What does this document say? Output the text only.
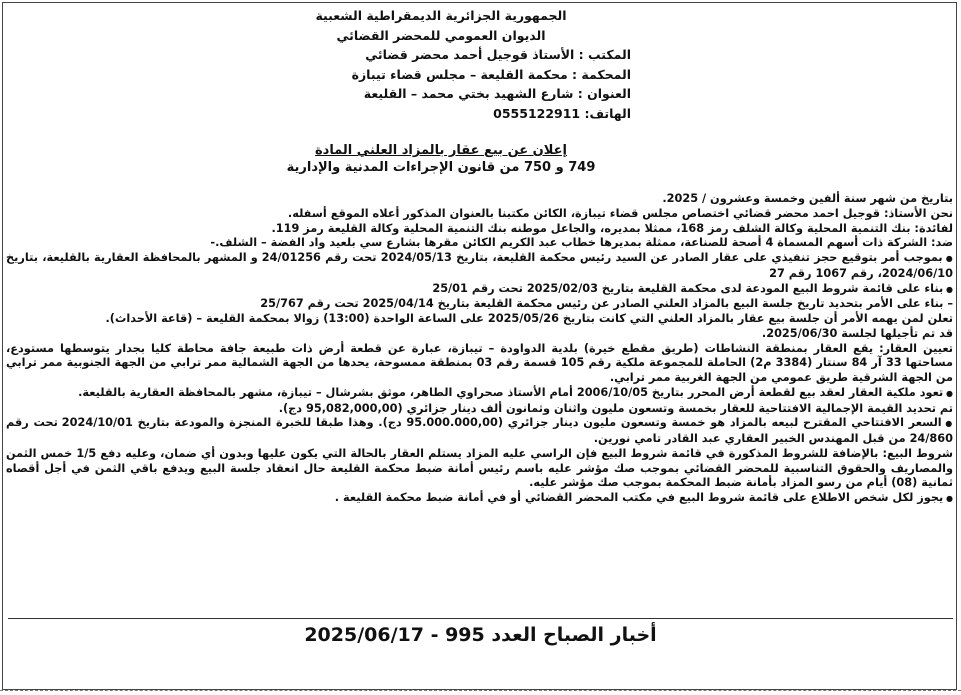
الجمهورية الجزائرية الديمقراطية الشعبية
الديوان العمومي للمحضر القضائي
المكتب : الأستاذ قوجيل أحمد محضر قضائي
المحكمة : محكمة القليعة – مجلس قضاء تيبازة
العنوان : شارع الشهيد بختي محمد – القليعة
الهاتف: 0555122911
إعلان عن بيع عقار بالمزاد العلني المادة
749 و 750 من قانون الإجراءات المدنية والإدارية

بتاريخ من شهر سنة ألفين وخمسة وعشرون / 2025.

نحن الأستاذ: قوجيل احمد محضر قضائي اختصاص مجلس قضاء تيبازة، الكائن مكتبنا بالعنوان المذكور أعلاه الموقع أسفله.

لفائدة: بنك التنمية المحلية وكالة الشلف رمز 168، ممثلا بمديره، والجاعل موطنه بنك التنمية المحلية وكالة القليعة رمز 119.

ضد: الشركة ذات أسهم المسماة 4 أصحة للصناعة، ممثلة بمديرها خطاب عبد الكريم الكائن مقرها بشارع سي بلعيد واد الفضة – الشلف.-

● بموجب أمر بتوقيع حجز تنفيذي على عقار الصادر عن السيد رئيس محكمة القليعة، بتاريخ 2024/05/13 تحت رقم 24/01256 و المشهر بالمحافظة العقارية بالقليعة، بتاريخ 2024/06/10، رقم 1067 رقم 27

● بناء على قائمة شروط البيع المودعة لدى محكمة القليعة بتاريخ 2025/02/03 تحت رقم 25/01

– بناء على الأمر بتحديد تاريخ جلسة البيع بالمزاد العلني الصادر عن رئيس محكمة القليعة بتاريخ 2025/04/14 تحت رقم 25/767

تعلن لمن يهمه الأمر أن جلسة بيع عقار بالمزاد العلني التي كانت بتاريخ 2025/05/26 على الساعة الواحدة (13:00) زوالا بمحكمة القليعة – (قاعة الأحداث).

قد تم تأجيلها لجلسة 2025/06/30.

تعيين العقار: يقع العقار بمنطقة النشاطات (طريق مقطع خيرة) بلدية الدواودة – تيبازة، عبارة عن قطعة أرض ذات طبيعة جافة محاطة كليا بجدار يتوسطها مستودع، مساحتها 33 آر 84 سنتار (3384 م2) الحاملة للمجموعة ملكية رقم 105 قسمة رقم 03 بمنطقة ممسوحة، يحدها من الجهة الشمالية ممر ترابي من الجهة الجنوبية ممر ترابي من الجهة الشرقية طريق عمومي من الجهة الغربية ممر ترابي.

● تعود ملكية العقار لعقد بيع لقطعة أرض المحرر بتاريخ 2006/10/05 أمام الأستاذ صحراوي الطاهر، موثق بشرشال – تيبازة، مشهر بالمحافظة العقارية بالقليعة.

تم تحديد القيمة الإجمالية الافتتاحية للعقار بخمسة وتسعون مليون واثنان وثمانون ألف دينار جزائري (95,082,000,00 دج).

● السعر الافتتاحي المقترح لبيعه بالمزاد هو خمسة وتسعون مليون دينار جزائري (95.000.000,00 دج). وهذا طبقا للخبرة المنجزة والمودعة بتاريخ 2024/10/01 تحت رقم 24/860 من قبل المهندس الخبير العقاري عبد القادر تامي نورين.

شروط البيع: بالإضافة للشروط المذكورة في قائمة شروط البيع فإن الراسي عليه المزاد يستلم العقار بالحالة التي يكون عليها وبدون أي ضمان، وعليه دفع 1/5 خمس الثمن والمصاريف والحقوق التناسبية للمحضر القضائي بموجب صك مؤشر عليه باسم رئيس أمانة ضبط محكمة القليعة حال انعقاد جلسة البيع ويدفع باقي الثمن في أجل أقصاه ثمانية (08) أيام من رسو المزاد بأمانة ضبط المحكمة بموجب صك مؤشر عليه.

● يجوز لكل شخص الاطلاع على قائمة شروط البيع في مكتب المحضر القضائي أو في أمانة ضبط محكمة القليعة .

أخبار الصباح العدد 995 - 2025/06/17
